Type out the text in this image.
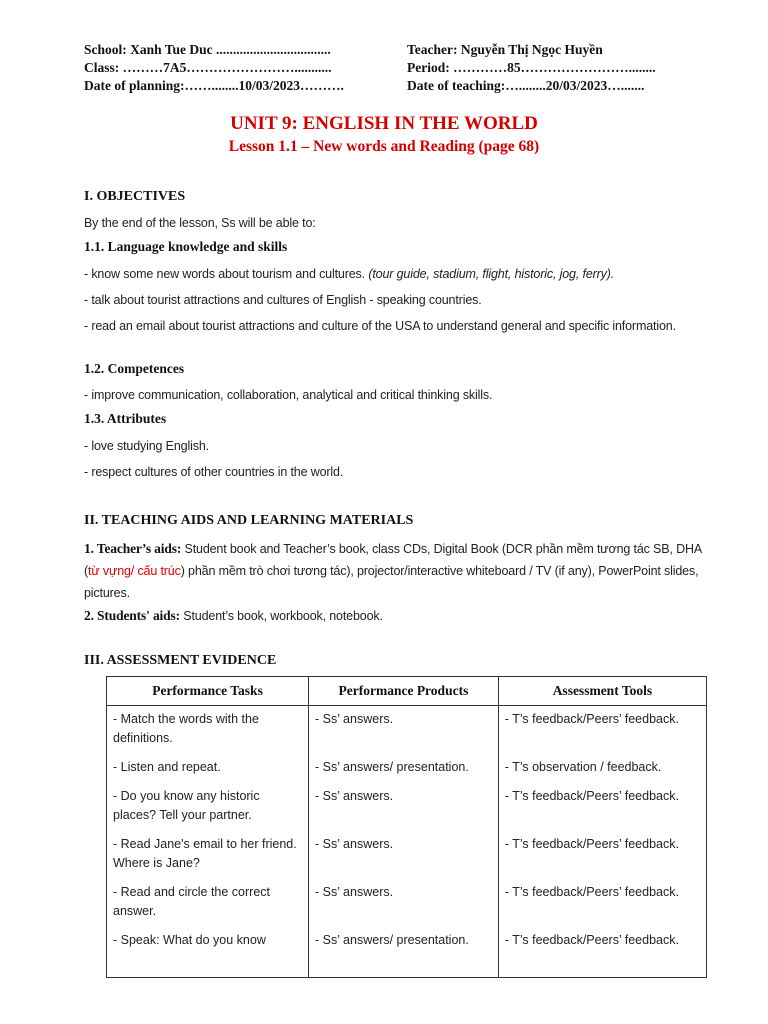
School: Xanh Tue Duc ..................................
Class: ………7A5……………………...........
Date of planning:……........10/03/2023……….
Teacher: Nguyễn Thị Ngọc Huyền
Period: …………85……………………........
Date of teaching:…........20/03/2023….......
UNIT 9: ENGLISH IN THE WORLD
Lesson 1.1 – New words and Reading (page 68)
I. OBJECTIVES
By the end of the lesson, Ss will be able to:
1.1. Language knowledge and skills
- know some new words about tourism and cultures. (tour guide, stadium, flight, historic, jog, ferry).
- talk about tourist attractions and cultures of English - speaking countries.
- read an email about tourist attractions and culture of the USA to understand general and specific information.
1.2. Competences
- improve communication, collaboration, analytical and critical thinking skills.
1.3. Attributes
- love studying English.
- respect cultures of other countries in the world.
II. TEACHING AIDS AND LEARNING MATERIALS
1. Teacher’s aids: Student book and Teacher’s book, class CDs, Digital Book (DCR phần mềm tương tác SB, DHA (từ vựng/ cấu trúc) phần mềm trò chơi tương tác), projector/interactive whiteboard / TV (if any), PowerPoint slides, pictures.
2. Students' aids: Student’s book, workbook, notebook.
III. ASSESSMENT EVIDENCE
Performance Tasks	Performance Products	Assessment Tools
- Match the words with the definitions.	- Ss’ answers.	- T’s feedback/Peers’ feedback.
- Listen and repeat.	- Ss’ answers/ presentation.	- T’s observation / feedback.
- Do you know any historic places? Tell your partner.	- Ss’ answers.	- T’s feedback/Peers’ feedback.
- Read Jane's email to her friend. Where is Jane?	- Ss’ answers.	- T’s feedback/Peers’ feedback.
- Read and circle the correct answer.	- Ss’ answers.	- T’s feedback/Peers’ feedback.
- Speak: What do you know	- Ss’ answers/ presentation.	- T’s feedback/Peers’ feedback.
